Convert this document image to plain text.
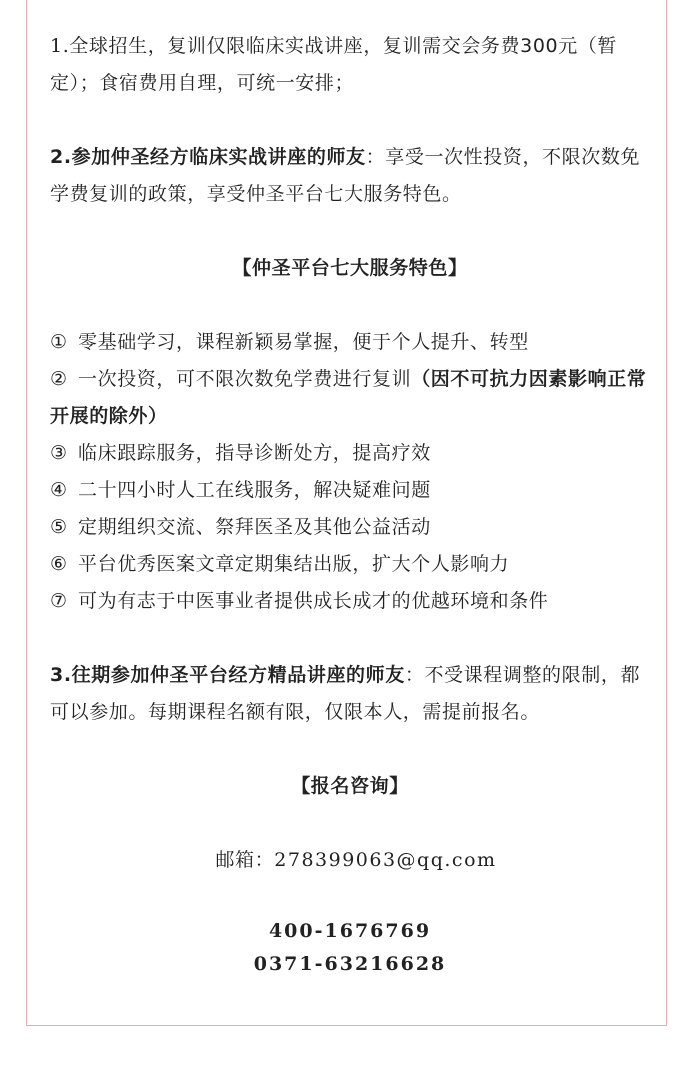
1.全球招生，复训仅限临床实战讲座，复训需交会务费300元（暂定）；食宿费用自理，可统一安排；

2.参加仲圣经方临床实战讲座的师友：享受一次性投资，不限次数免学费复训的政策，享受仲圣平台七大服务特色。

【仲圣平台七大服务特色】

① 零基础学习，课程新颖易掌握，便于个人提升、转型

② 一次投资，可不限次数免学费进行复训（因不可抗力因素影响正常开展的除外）

③ 临床跟踪服务，指导诊断处方，提高疗效

④ 二十四小时人工在线服务，解决疑难问题

⑤ 定期组织交流、祭拜医圣及其他公益活动

⑥ 平台优秀医案文章定期集结出版，扩大个人影响力

⑦ 可为有志于中医事业者提供成长成才的优越环境和条件

3.往期参加仲圣平台经方精品讲座的师友：不受课程调整的限制，都可以参加。每期课程名额有限，仅限本人，需提前报名。

【报名咨询】

邮箱：278399063@qq.com

400-1676769

0371-63216628
